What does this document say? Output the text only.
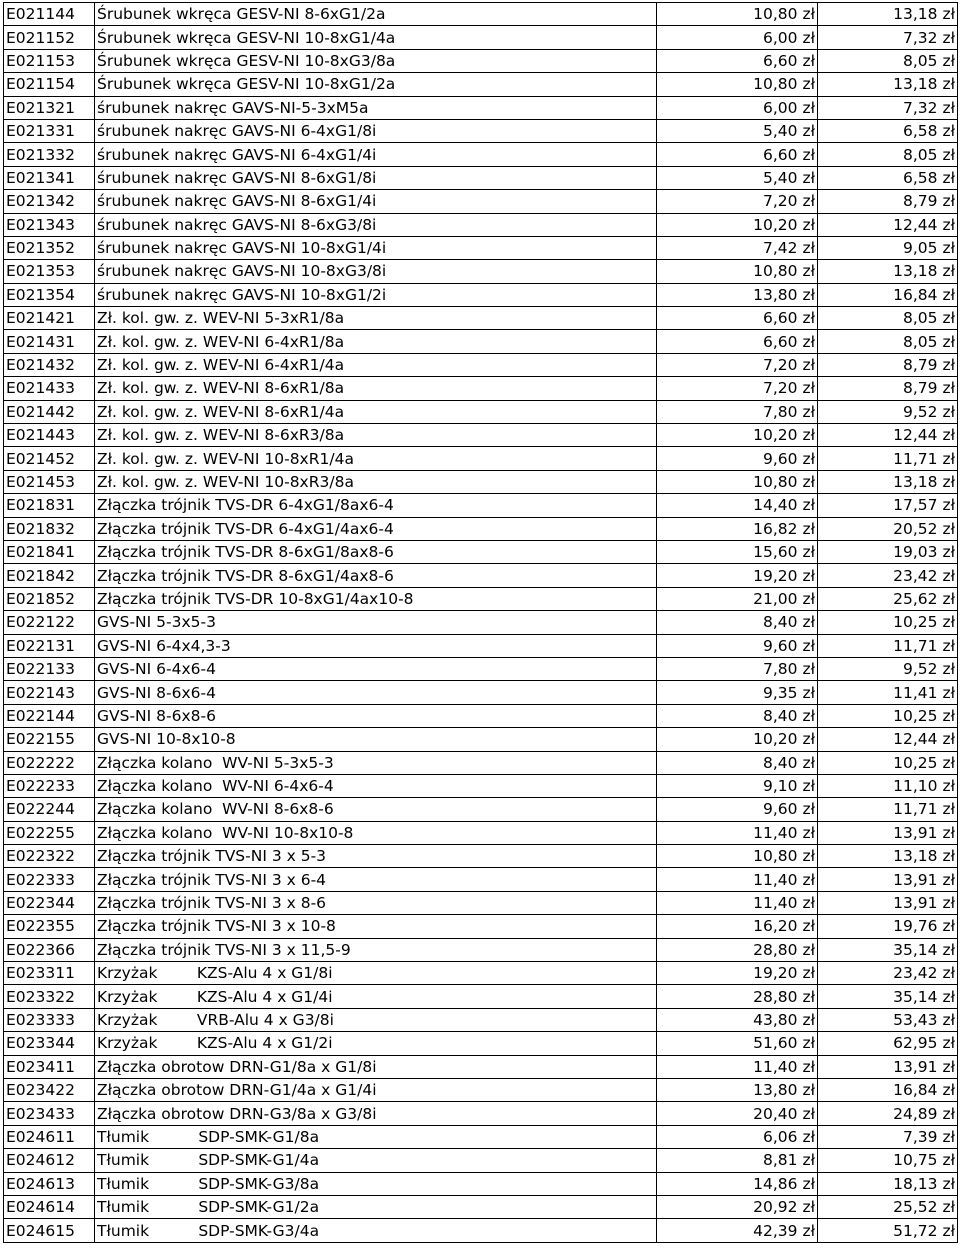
E021144	Śrubunek wkręca GESV-NI 8-6xG1/2a	10,80 zł	13,18 zł
E021152	Śrubunek wkręca GESV-NI 10-8xG1/4a	6,00 zł	7,32 zł
E021153	Śrubunek wkręca GESV-NI 10-8xG3/8a	6,60 zł	8,05 zł
E021154	Śrubunek wkręca GESV-NI 10-8xG1/2a	10,80 zł	13,18 zł
E021321	śrubunek nakręc GAVS-NI-5-3xM5a	6,00 zł	7,32 zł
E021331	śrubunek nakręc GAVS-NI 6-4xG1/8i	5,40 zł	6,58 zł
E021332	śrubunek nakręc GAVS-NI 6-4xG1/4i	6,60 zł	8,05 zł
E021341	śrubunek nakręc GAVS-NI 8-6xG1/8i	5,40 zł	6,58 zł
E021342	śrubunek nakręc GAVS-NI 8-6xG1/4i	7,20 zł	8,79 zł
E021343	śrubunek nakręc GAVS-NI 8-6xG3/8i	10,20 zł	12,44 zł
E021352	śrubunek nakręc GAVS-NI 10-8xG1/4i	7,42 zł	9,05 zł
E021353	śrubunek nakręc GAVS-NI 10-8xG3/8i	10,80 zł	13,18 zł
E021354	śrubunek nakręc GAVS-NI 10-8xG1/2i	13,80 zł	16,84 zł
E021421	Zł. kol. gw. z. WEV-NI 5-3xR1/8a	6,60 zł	8,05 zł
E021431	Zł. kol. gw. z. WEV-NI 6-4xR1/8a	6,60 zł	8,05 zł
E021432	Zł. kol. gw. z. WEV-NI 6-4xR1/4a	7,20 zł	8,79 zł
E021433	Zł. kol. gw. z. WEV-NI 8-6xR1/8a	7,20 zł	8,79 zł
E021442	Zł. kol. gw. z. WEV-NI 8-6xR1/4a	7,80 zł	9,52 zł
E021443	Zł. kol. gw. z. WEV-NI 8-6xR3/8a	10,20 zł	12,44 zł
E021452	Zł. kol. gw. z. WEV-NI 10-8xR1/4a	9,60 zł	11,71 zł
E021453	Zł. kol. gw. z. WEV-NI 10-8xR3/8a	10,80 zł	13,18 zł
E021831	Złączka trójnik TVS-DR 6-4xG1/8ax6-4	14,40 zł	17,57 zł
E021832	Złączka trójnik TVS-DR 6-4xG1/4ax6-4	16,82 zł	20,52 zł
E021841	Złączka trójnik TVS-DR 8-6xG1/8ax8-6	15,60 zł	19,03 zł
E021842	Złączka trójnik TVS-DR 8-6xG1/4ax8-6	19,20 zł	23,42 zł
E021852	Złączka trójnik TVS-DR 10-8xG1/4ax10-8	21,00 zł	25,62 zł
E022122	GVS-NI 5-3x5-3	8,40 zł	10,25 zł
E022131	GVS-NI 6-4x4,3-3	9,60 zł	11,71 zł
E022133	GVS-NI 6-4x6-4	7,80 zł	9,52 zł
E022143	GVS-NI 8-6x6-4	9,35 zł	11,41 zł
E022144	GVS-NI 8-6x8-6	8,40 zł	10,25 zł
E022155	GVS-NI 10-8x10-8	10,20 zł	12,44 zł
E022222	Złączka kolano  WV-NI 5-3x5-3	8,40 zł	10,25 zł
E022233	Złączka kolano  WV-NI 6-4x6-4	9,10 zł	11,10 zł
E022244	Złączka kolano  WV-NI 8-6x8-6	9,60 zł	11,71 zł
E022255	Złączka kolano  WV-NI 10-8x10-8	11,40 zł	13,91 zł
E022322	Złączka trójnik TVS-NI 3 x 5-3	10,80 zł	13,18 zł
E022333	Złączka trójnik TVS-NI 3 x 6-4	11,40 zł	13,91 zł
E022344	Złączka trójnik TVS-NI 3 x 8-6	11,40 zł	13,91 zł
E022355	Złączka trójnik TVS-NI 3 x 10-8	16,20 zł	19,76 zł
E022366	Złączka trójnik TVS-NI 3 x 11,5-9	28,80 zł	35,14 zł
E023311	Krzyżak        KZS-Alu 4 x G1/8i	19,20 zł	23,42 zł
E023322	Krzyżak        KZS-Alu 4 x G1/4i	28,80 zł	35,14 zł
E023333	Krzyżak        VRB-Alu 4 x G3/8i	43,80 zł	53,43 zł
E023344	Krzyżak        KZS-Alu 4 x G1/2i	51,60 zł	62,95 zł
E023411	Złączka obrotow DRN-G1/8a x G1/8i	11,40 zł	13,91 zł
E023422	Złączka obrotow DRN-G1/4a x G1/4i	13,80 zł	16,84 zł
E023433	Złączka obrotow DRN-G3/8a x G3/8i	20,40 zł	24,89 zł
E024611	Tłumik          SDP-SMK-G1/8a	6,06 zł	7,39 zł
E024612	Tłumik          SDP-SMK-G1/4a	8,81 zł	10,75 zł
E024613	Tłumik          SDP-SMK-G3/8a	14,86 zł	18,13 zł
E024614	Tłumik          SDP-SMK-G1/2a	20,92 zł	25,52 zł
E024615	Tłumik          SDP-SMK-G3/4a	42,39 zł	51,72 zł
